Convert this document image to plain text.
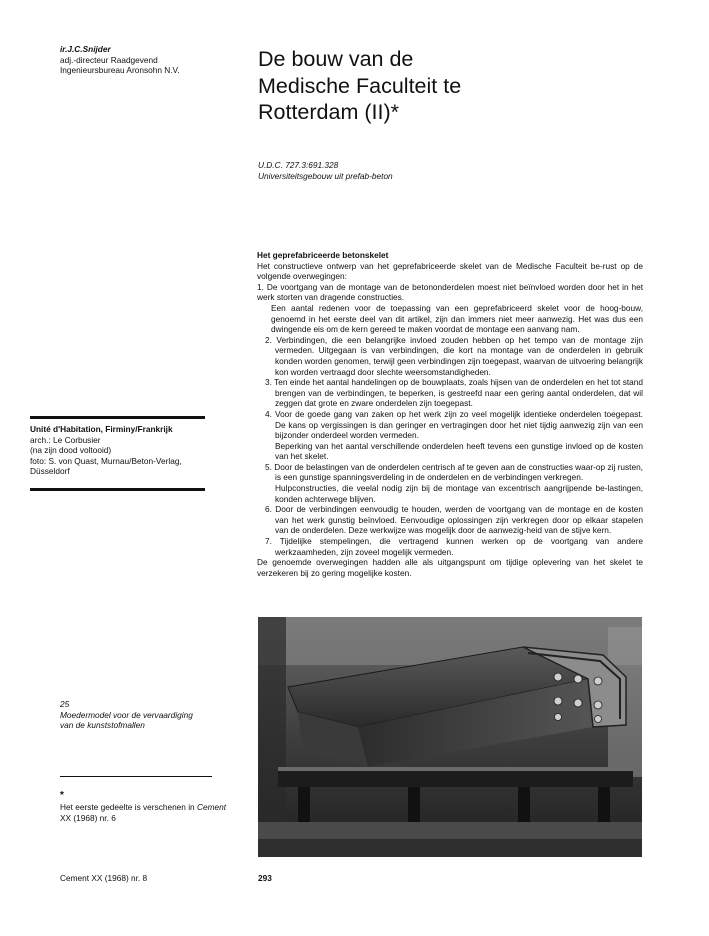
ir.J.C.Snijder
adj.-directeur Raadgevend
Ingenieursbureau Aronsohn N.V.	De bouw van de
Medische Faculteit te
Rotterdam (II)*
U.D.C. 727.3:691.328
Universiteitsgebouw uit prefab-beton
Unité d'Habitation, Firminy/Frankrijk
arch.: Le Corbusier
(na zijn dood voltooid)
foto: S. von Quast, Murnau/Beton-Verlag,
Düsseldorf

Het geprefabriceerde betonskelet

Het constructieve ontwerp van het geprefabriceerde skelet van de Medische Faculteit be-rust op de volgende overwegingen:

1. De voortgang van de montage van de betononderdelen moest niet beïnvloed worden door het in het werk storten van dragende constructies.

Een aantal redenen voor de toepassing van een geprefabriceerd skelet voor de hoog-bouw, genoemd in het eerste deel van dit artikel, zijn dan immers niet meer aanwezig. Het was dus een dwingende eis om de kern gereed te maken voordat de montage een aanvang nam.

2. Verbindingen, die een belangrijke invloed zouden hebben op het tempo van de montage zijn vermeden. Uitgegaan is van verbindingen, die kort na montage van de onderdelen in gebruik konden worden genomen, terwijl geen verbindingen zijn toegepast, waarvan de uitvoering belangrijk kon worden vertraagd door slechte weersomstandigheden.

3. Ten einde het aantal handelingen op de bouwplaats, zoals hijsen van de onderdelen en het tot stand brengen van de verbindingen, te beperken, is gestreefd naar een gering aantal onderdelen, dat wil zeggen dat grote en zware onderdelen zijn toegepast.

4. Voor de goede gang van zaken op het werk zijn zo veel mogelijk identieke onderdelen toegepast. De kans op vergissingen is dan geringer en vertragingen door het niet tijdig aanwezig zijn van een bijzonder onderdeel worden vermeden.

Beperking van het aantal verschillende onderdelen heeft tevens een gunstige invloed op de kosten van het skelet.

5. Door de belastingen van de onderdelen centrisch af te geven aan de constructies waar-op zij rusten, is een gunstige spanningsverdeling in de onderdelen en de verbindingen verkregen.

Hulpconstructies, die veelal nodig zijn bij de montage van excentrisch aangrijpende be-lastingen, konden achterwege blijven.

6. Door de verbindingen eenvoudig te houden, werden de voortgang van de montage en de kosten van het werk gunstig beïnvloed. Eenvoudige oplossingen zijn verkregen door op elkaar stapelen van de onderdelen. Deze werkwijze was mogelijk door de aanwezig-heid van de stijve kern.

7. Tijdelijke stempelingen, die vertragend kunnen werken op de voortgang van andere werkzaamheden, zijn zoveel mogelijk vermeden.

De genoemde overwegingen hadden alle als uitgangspunt om tijdige oplevering van het skelet te verzekeren bij zo gering mogelijke kosten.

25
Moedermodel voor de vervaardiging
van de kunststofmallen
*
Het eerste gedeelte is verschenen in Cement
XX (1968) nr. 6
Cement XX (1968) nr. 8	293
